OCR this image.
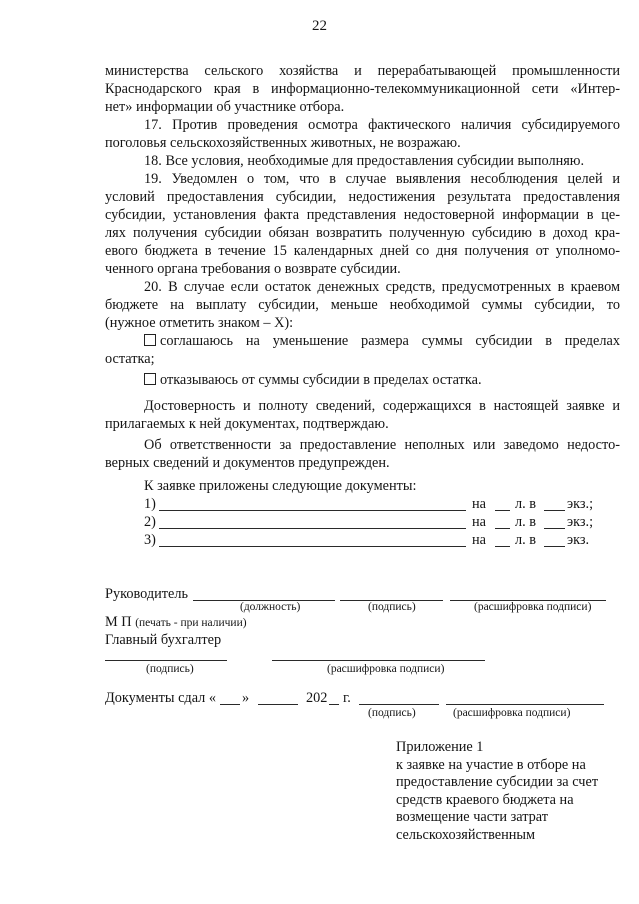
22
министерства сельского хозяйства и перерабатывающей промышленности
Краснодарского края в информационно-телекоммуникационной сети «Интер-
нет» информации об участнике отбора.
17. Против проведения осмотра фактического наличия субсидируемого
поголовья сельскохозяйственных животных, не возражаю.
18. Все условия, необходимые для предоставления субсидии выполняю.
19. Уведомлен о том, что в случае выявления несоблюдения целей и
условий предоставления субсидии, недостижения результата предоставления
субсидии, установления факта представления недостоверной информации в це-
лях получения субсидии обязан возвратить полученную субсидию в доход кра-
евого бюджета в течение 15 календарных дней со дня получения от уполномо-
ченного органа требования о возврате субсидии.
20. В случае если остаток денежных средств, предусмотренных в краевом
бюджете на выплату субсидии, меньше необходимой суммы субсидии, то
(нужное отметить знаком – X):
соглашаюсь на уменьшение размера суммы субсидии в пределах
остатка;
отказываюсь от суммы субсидии в пределах остатка.
Достоверность и полноту сведений, содержащихся в настоящей заявке и
прилагаемых к ней документах, подтверждаю.
Об ответственности за предоставление неполных или заведомо недосто-
верных сведений и документов предупрежден.
К заявке приложены следующие документы:
1)	на л. в экз.;
2)	на л. в экз.;
3)	на л. в экз.
Руководитель
(должность)	(подпись)	(расшифровка подписи)
М П (печать - при наличии)
Главный бухгалтер
(подпись)	(расшифровка подписи)
Документы сдал « »	202 г.
(подпись)	(расшифровка подписи)
Приложение 1
к заявке на участие в отборе на
предоставление субсидии за счет
средств краевого бюджета на
возмещение части затрат
сельскохозяйственным
